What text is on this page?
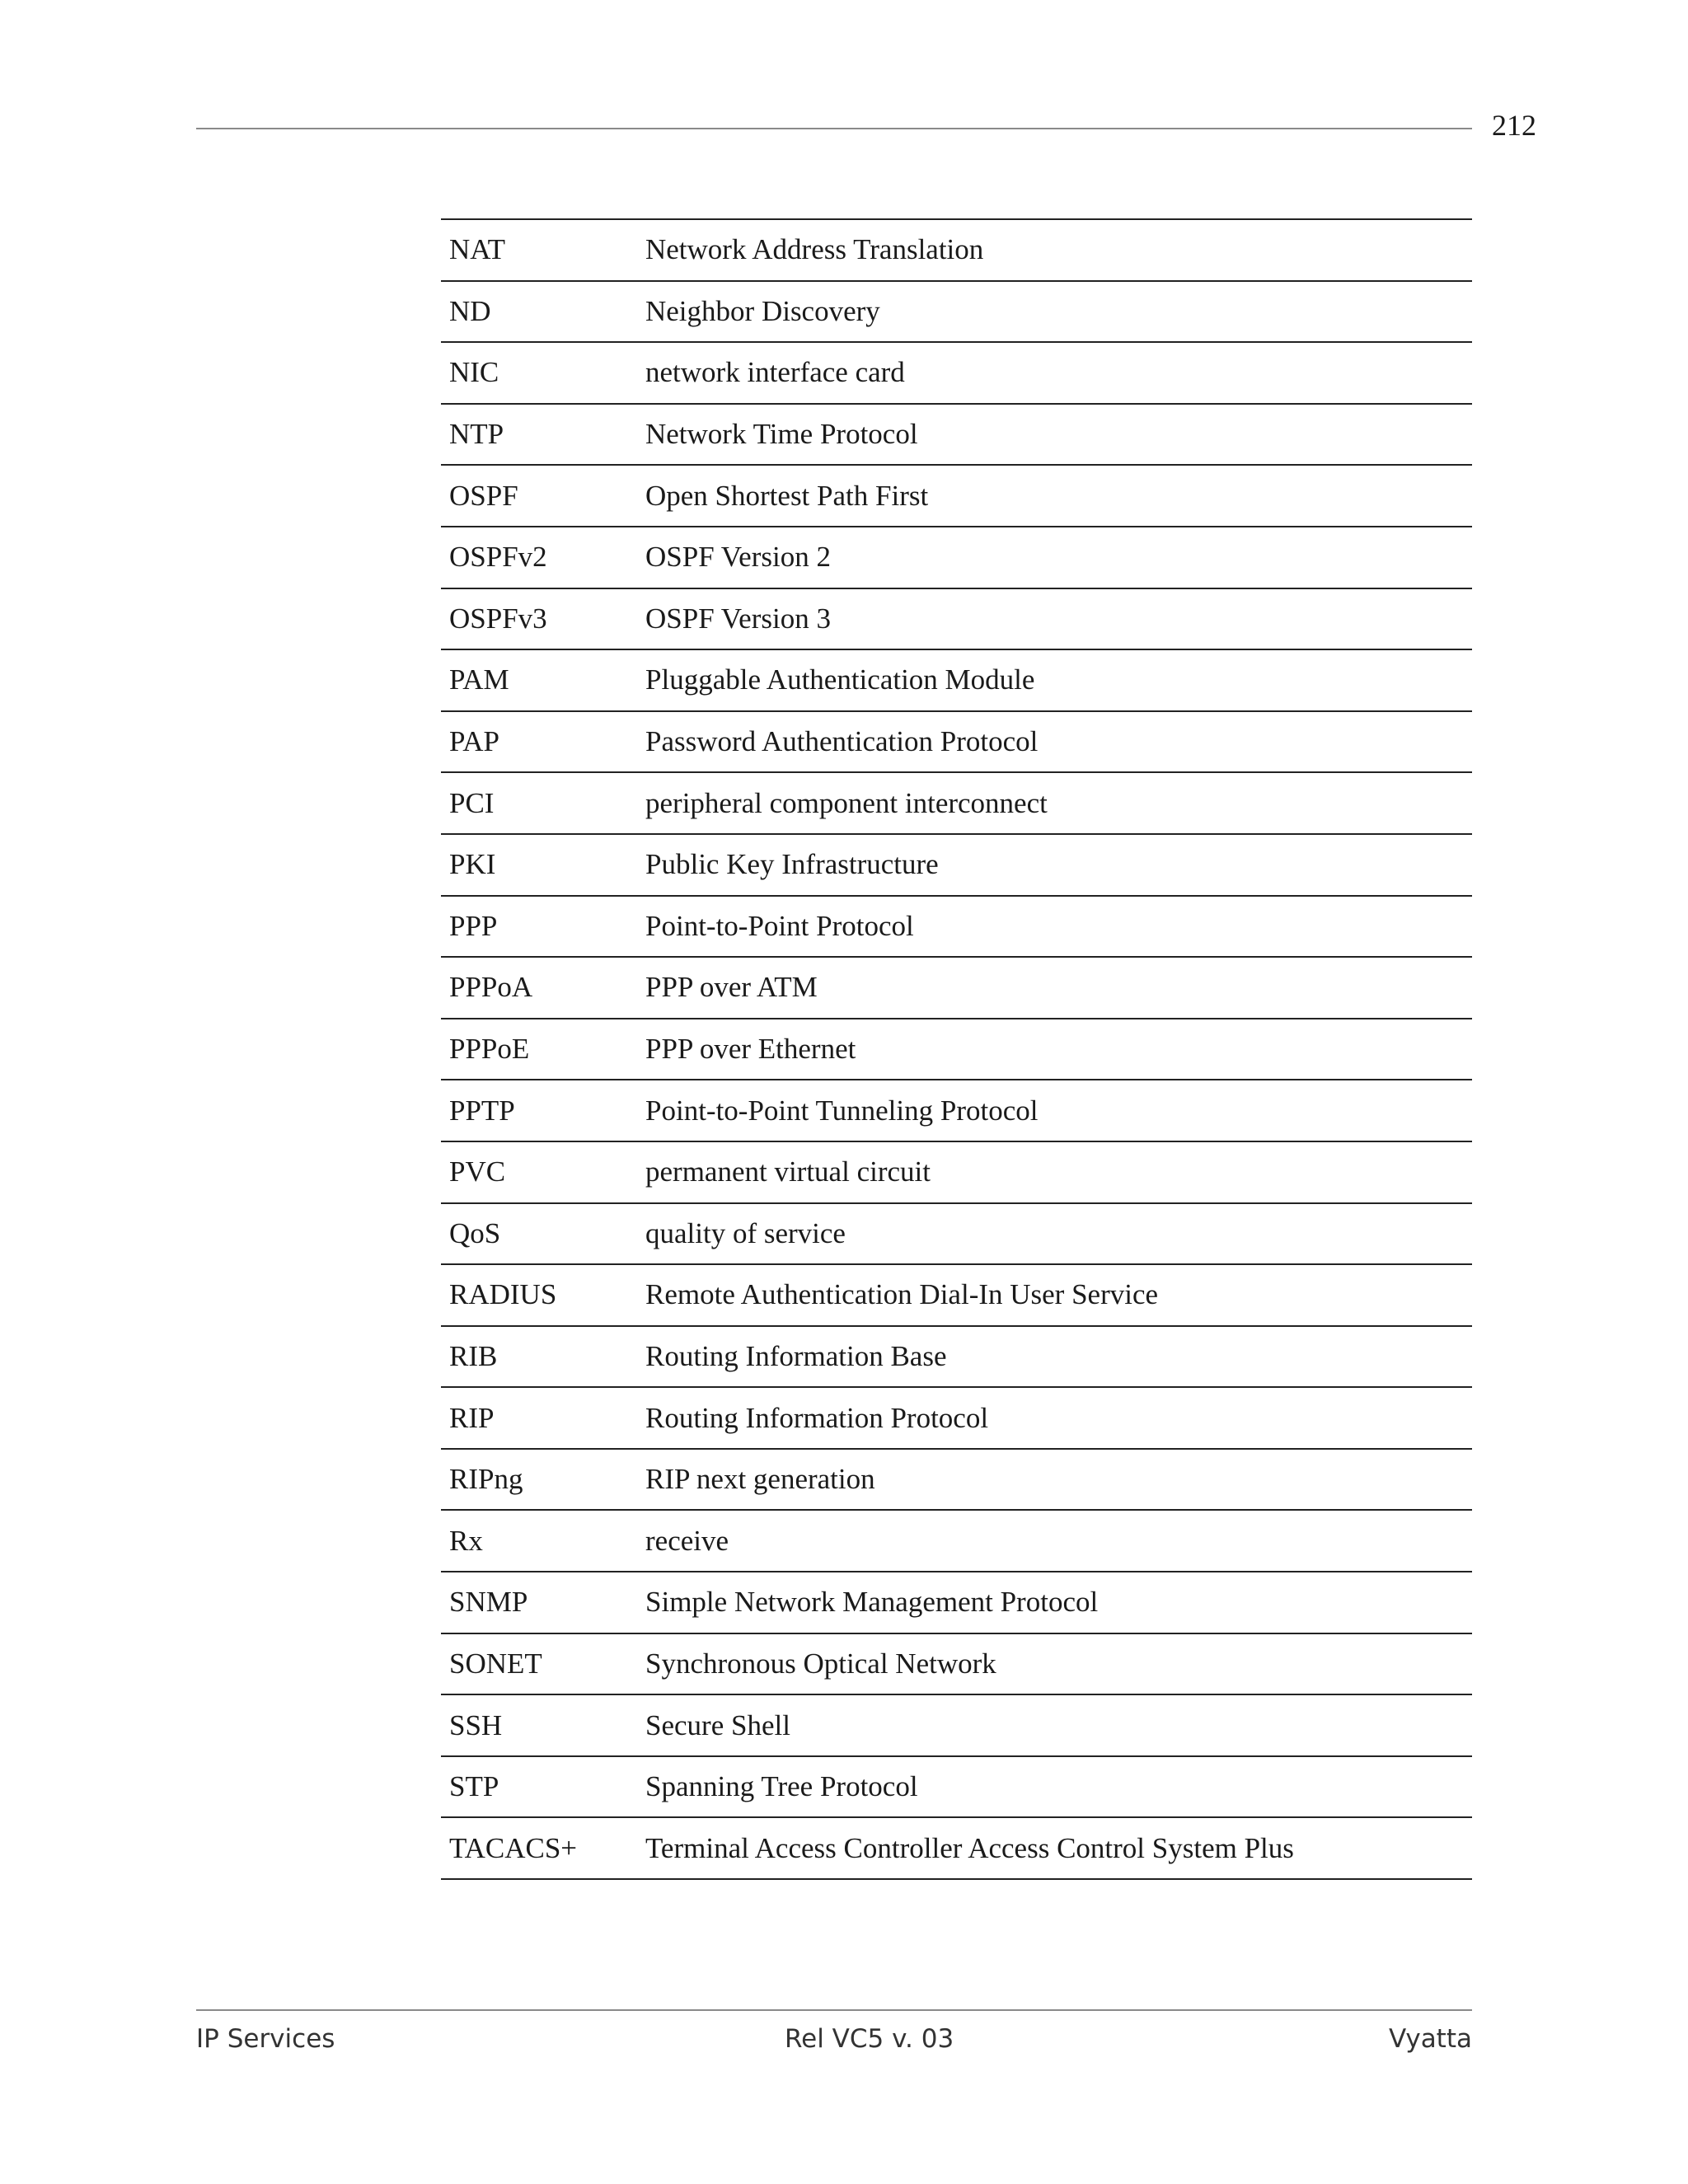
212
NAT	Network Address Translation
ND	Neighbor Discovery
NIC	network interface card
NTP	Network Time Protocol
OSPF	Open Shortest Path First
OSPFv2	OSPF Version 2
OSPFv3	OSPF Version 3
PAM	Pluggable Authentication Module
PAP	Password Authentication Protocol
PCI	peripheral component interconnect
PKI	Public Key Infrastructure
PPP	Point-to-Point Protocol
PPPoA	PPP over ATM
PPPoE	PPP over Ethernet
PPTP	Point-to-Point Tunneling Protocol
PVC	permanent virtual circuit
QoS	quality of service
RADIUS	Remote Authentication Dial-In User Service
RIB	Routing Information Base
RIP	Routing Information Protocol
RIPng	RIP next generation
Rx	receive
SNMP	Simple Network Management Protocol
SONET	Synchronous Optical Network
SSH	Secure Shell
STP	Spanning Tree Protocol
TACACS+	Terminal Access Controller Access Control System Plus
IP Services	Rel VC5 v. 03	Vyatta
